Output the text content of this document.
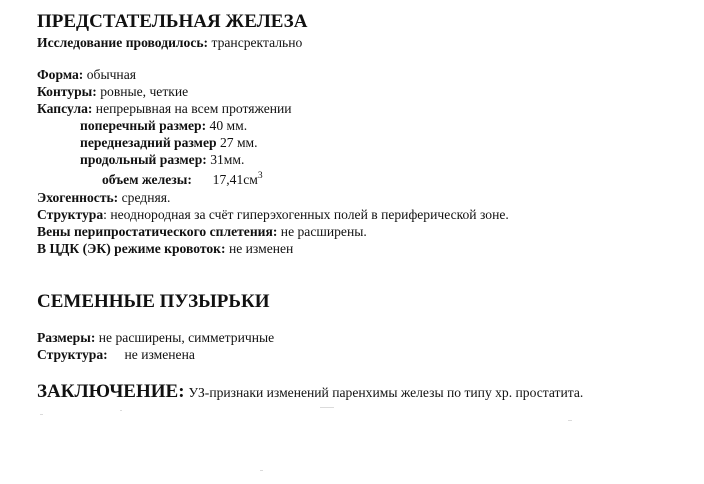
ПРЕДСТАТЕЛЬНАЯ ЖЕЛЕЗА
Исследование проводилось: трансректально
Форма: обычная
Контуры: ровные, четкие
Капсула: непрерывная на всем протяжении
поперечный размер: 40 мм.
переднезадний размер 27 мм.
продольный размер: 31мм.
объем железы: $17,41см^3$
Эхогенность: средняя.
Структура: неоднородная за счёт гиперэхогенных полей в периферической зоне.
Вены перипростатического сплетения: не расширены.
В ЦДК (ЭК) режиме кровоток: не изменен
СЕМЕННЫЕ ПУЗЫРЬКИ
Размеры: не расширены, симметричные
Структура: не изменена
ЗАКЛЮЧЕНИЕ: УЗ-признаки изменений паренхимы железы по типу хр. простатита.
